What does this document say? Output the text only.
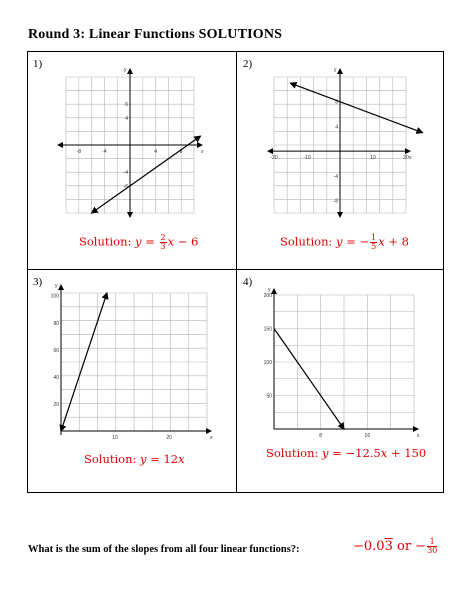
Round 3: Linear Functions SOLUTIONS
1)	2)
3)	4)
x
y
-8	-4	4	8
6
4
-4
-6
x
y
-20	-10	10	20
8
4
-4
-8
x
y
10	20
100
80
60
40
20
x
y
8	16
200
150
100
50
Solution: $y = \frac{2}{3}$ x − 6	Solution: y = − $\frac{1}{5}$ x + 8
Solution: y = 12x	Solution: y = −12.5x + 150
What is the sum of the slopes from all four linear functions?:	−0.03 or − $\frac{1}{30}$
